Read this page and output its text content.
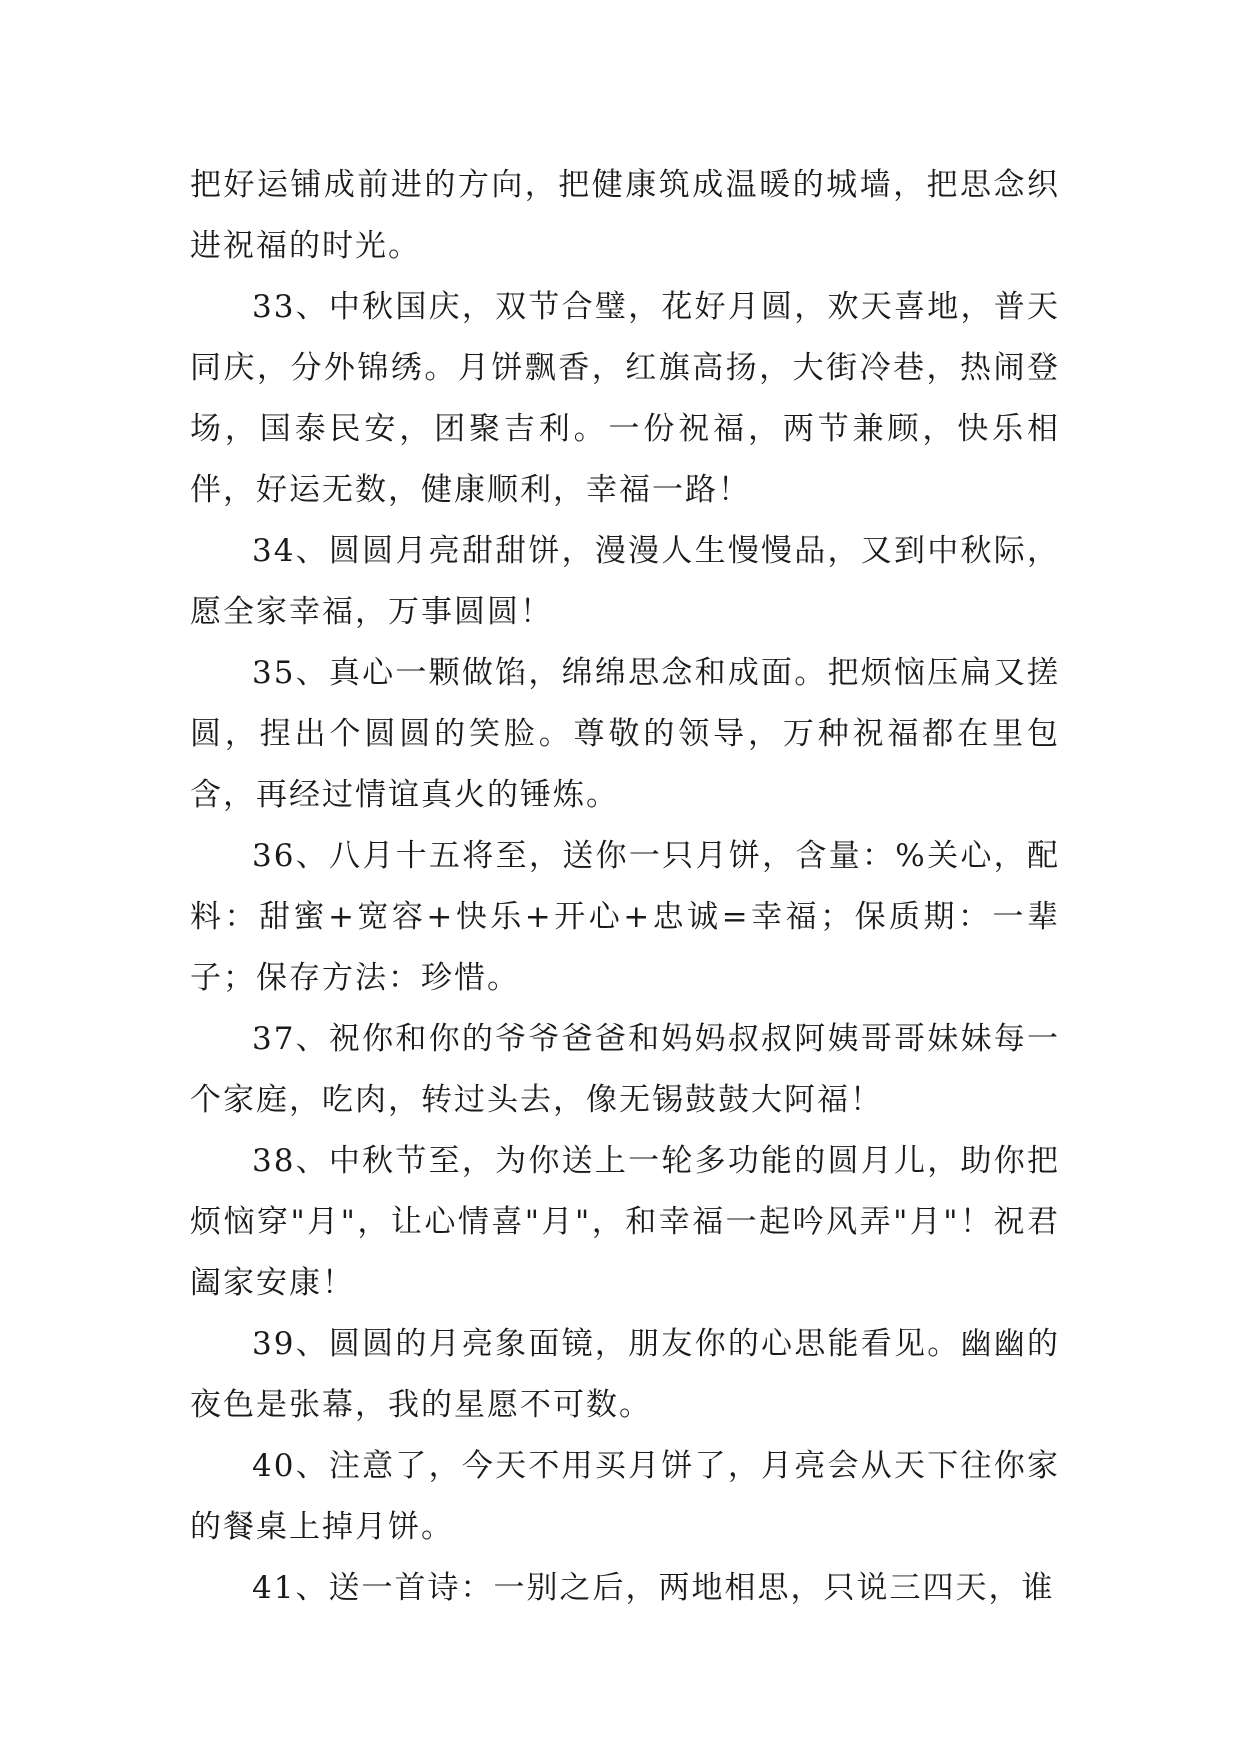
把好运铺成前进的方向，把健康筑成温暖的城墙，把思念织进祝福的时光。

33、中秋国庆，双节合璧，花好月圆，欢天喜地，普天同庆，分外锦绣。月饼飘香，红旗高扬，大街冷巷，热闹登场，国泰民安，团聚吉利。一份祝福，两节兼顾，快乐相伴，好运无数，健康顺利，幸福一路！

34、圆圆月亮甜甜饼，漫漫人生慢慢品，又到中秋际，愿全家幸福，万事圆圆！

35、真心一颗做馅，绵绵思念和成面。把烦恼压扁又搓圆，捏出个圆圆的笑脸。尊敬的领导，万种祝福都在里包含，再经过情谊真火的锤炼。

36、八月十五将至，送你一只月饼，含量：%关心，配料：甜蜜+宽容+快乐+开心+忠诚=幸福；保质期：一辈子；保存方法：珍惜。

37、祝你和你的爷爷爸爸和妈妈叔叔阿姨哥哥妹妹每一个家庭，吃肉，转过头去，像无锡鼓鼓大阿福！

38、中秋节至，为你送上一轮多功能的圆月儿，助你把烦恼穿"月"，让心情喜"月"，和幸福一起吟风弄"月"！祝君阖家安康！

39、圆圆的月亮象面镜，朋友你的心思能看见。幽幽的夜色是张幕，我的星愿不可数。

40、注意了，今天不用买月饼了，月亮会从天下往你家的餐桌上掉月饼。

41、送一首诗：一别之后，两地相思，只说三四天，谁
